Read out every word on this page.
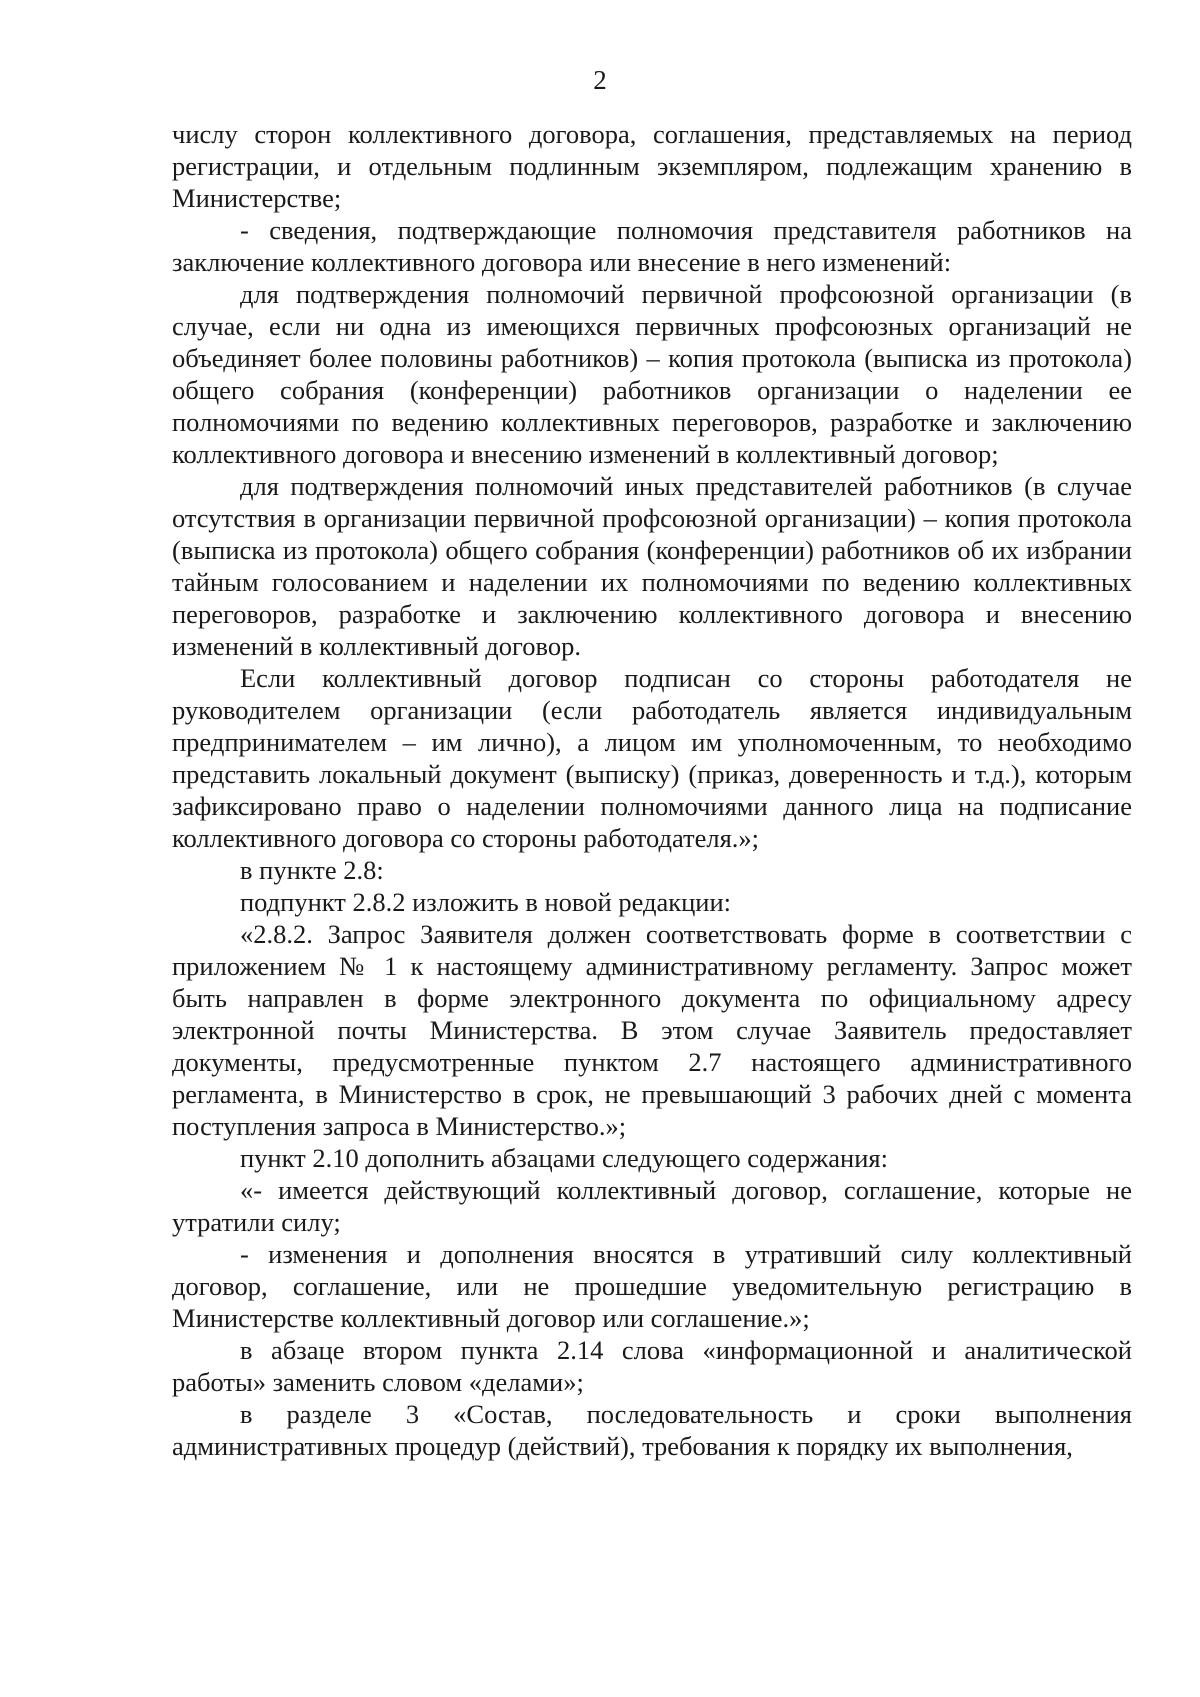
2

числу сторон коллективного договора, соглашения, представляемых на период регистрации, и отдельным подлинным экземпляром, подлежащим хранению в Министерстве;

- сведения, подтверждающие полномочия представителя работников на заключение коллективного договора или внесение в него изменений:

для подтверждения полномочий первичной профсоюзной организации (в случае, если ни одна из имеющихся первичных профсоюзных организаций не объединяет более половины работников) – копия протокола (выписка из протокола) общего собрания (конференции) работников организации о наделении ее полномочиями по ведению коллективных переговоров, разработке и заключению коллективного договора и внесению изменений в коллективный договор;

для подтверждения полномочий иных представителей работников (в случае отсутствия в организации первичной профсоюзной организации) – копия протокола (выписка из протокола) общего собрания (конференции) работников об их избрании тайным голосованием и наделении их полномочиями по ведению коллективных переговоров, разработке и заключению коллективного договора и внесению изменений в коллективный договор.

Если коллективный договор подписан со стороны работодателя не руководителем организации (если работодатель является индивидуальным предпринимателем – им лично), а лицом им уполномоченным, то необходимо представить локальный документ (выписку) (приказ, доверенность и т.д.), которым зафиксировано право о наделении полномочиями данного лица на подписание коллективного договора со стороны работодателя.»;

в пункте 2.8:

подпункт 2.8.2 изложить в новой редакции:

«2.8.2. Запрос Заявителя должен соответствовать форме в соответствии с приложением № 1 к настоящему административному регламенту. Запрос может быть направлен в форме электронного документа по официальному адресу электронной почты Министерства. В этом случае Заявитель предоставляет документы, предусмотренные пунктом 2.7 настоящего административного регламента, в Министерство в срок, не превышающий 3 рабочих дней с момента поступления запроса в Министерство.»;

пункт 2.10 дополнить абзацами следующего содержания:

«- имеется действующий коллективный договор, соглашение, которые не утратили силу;

- изменения и дополнения вносятся в утративший силу коллективный договор, соглашение, или не прошедшие уведомительную регистрацию в Министерстве коллективный договор или соглашение.»;

в абзаце втором пункта 2.14 слова «информационной и аналитической работы» заменить словом «делами»;

в разделе 3 «Состав, последовательность и сроки выполнения административных процедур (действий), требования к порядку их выполнения,
